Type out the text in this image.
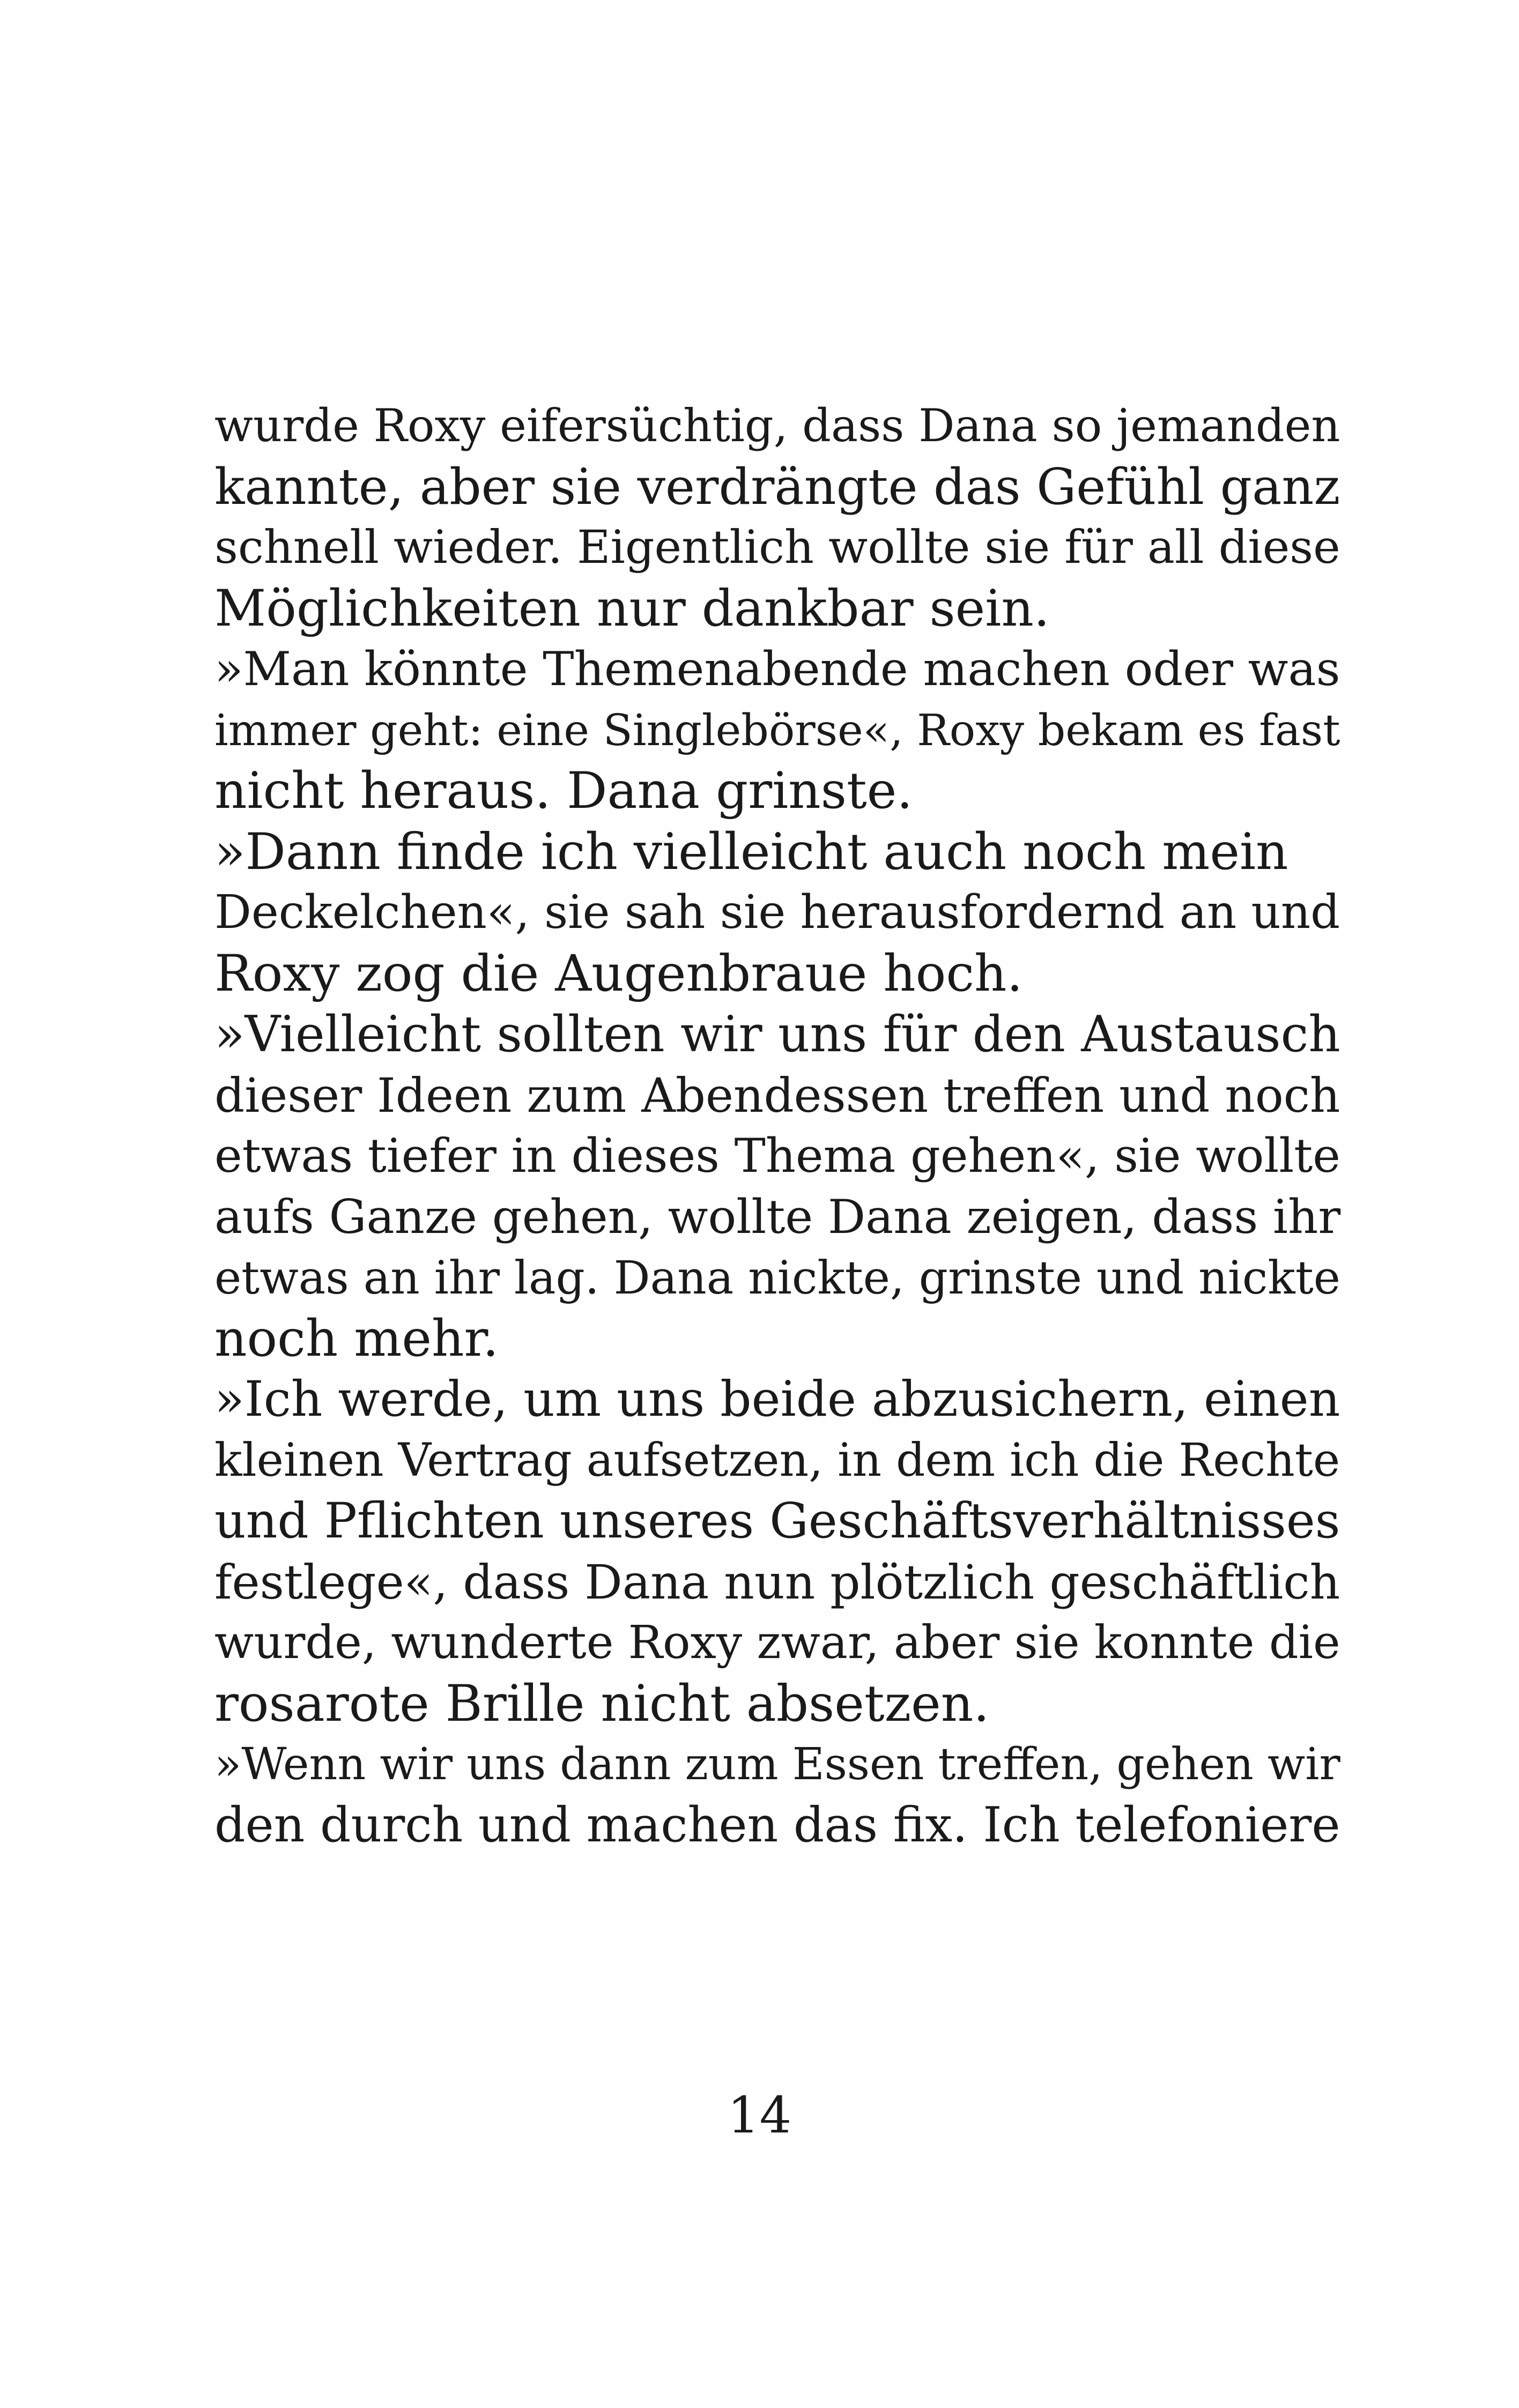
wurde Roxy eifersüchtig, dass Dana so jemanden
kannte, aber sie verdrängte das Gefühl ganz
schnell wieder. Eigentlich wollte sie für all diese
Möglichkeiten nur dankbar sein.
»Man könnte Themenabende machen oder was
immer geht: eine Singlebörse«, Roxy bekam es fast
nicht heraus. Dana grinste.
»Dann finde ich vielleicht auch noch mein
Deckelchen«, sie sah sie herausfordernd an und
Roxy zog die Augenbraue hoch.
»Vielleicht sollten wir uns für den Austausch
dieser Ideen zum Abendessen treffen und noch
etwas tiefer in dieses Thema gehen«, sie wollte
aufs Ganze gehen, wollte Dana zeigen, dass ihr
etwas an ihr lag. Dana nickte, grinste und nickte
noch mehr.
»Ich werde, um uns beide abzusichern, einen
kleinen Vertrag aufsetzen, in dem ich die Rechte
und Pflichten unseres Geschäftsverhältnisses
festlege«, dass Dana nun plötzlich geschäftlich
wurde, wunderte Roxy zwar, aber sie konnte die
rosarote Brille nicht absetzen.
»Wenn wir uns dann zum Essen treffen, gehen wir
den durch und machen das fix. Ich telefoniere
14
